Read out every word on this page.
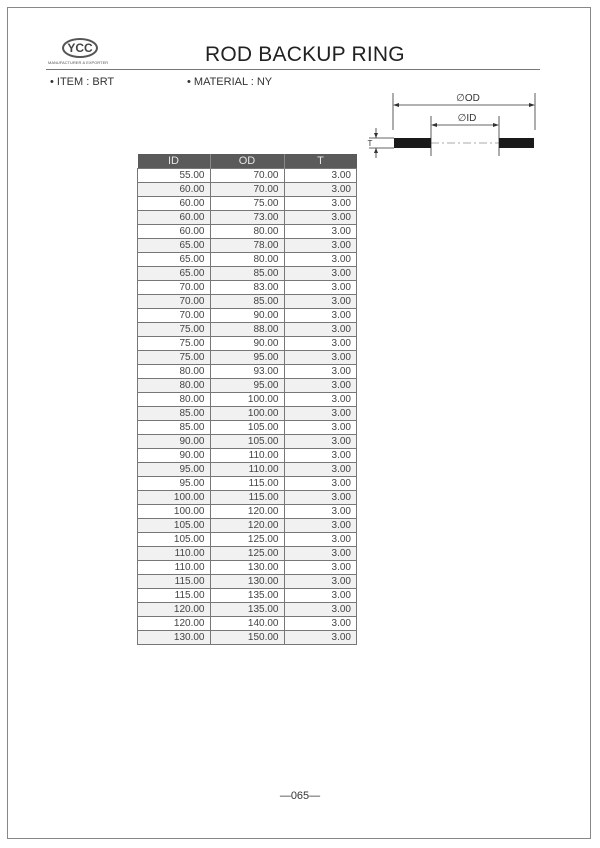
YCC
MANUFACTURER & EXPORTER	ROD BACKUP RING
• ITEM : BRT	• MATERIAL : NY
∅OD
∅ID
T
ID	OD	T
55.00	70.00	3.00
60.00	70.00	3.00
60.00	75.00	3.00
60.00	73.00	3.00
60.00	80.00	3.00
65.00	78.00	3.00
65.00	80.00	3.00
65.00	85.00	3.00
70.00	83.00	3.00
70.00	85.00	3.00
70.00	90.00	3.00
75.00	88.00	3.00
75.00	90.00	3.00
75.00	95.00	3.00
80.00	93.00	3.00
80.00	95.00	3.00
80.00	100.00	3.00
85.00	100.00	3.00
85.00	105.00	3.00
90.00	105.00	3.00
90.00	110.00	3.00
95.00	110.00	3.00
95.00	115.00	3.00
100.00	115.00	3.00
100.00	120.00	3.00
105.00	120.00	3.00
105.00	125.00	3.00
110.00	125.00	3.00
110.00	130.00	3.00
115.00	130.00	3.00
115.00	135.00	3.00
120.00	135.00	3.00
120.00	140.00	3.00
130.00	150.00	3.00
—065—
